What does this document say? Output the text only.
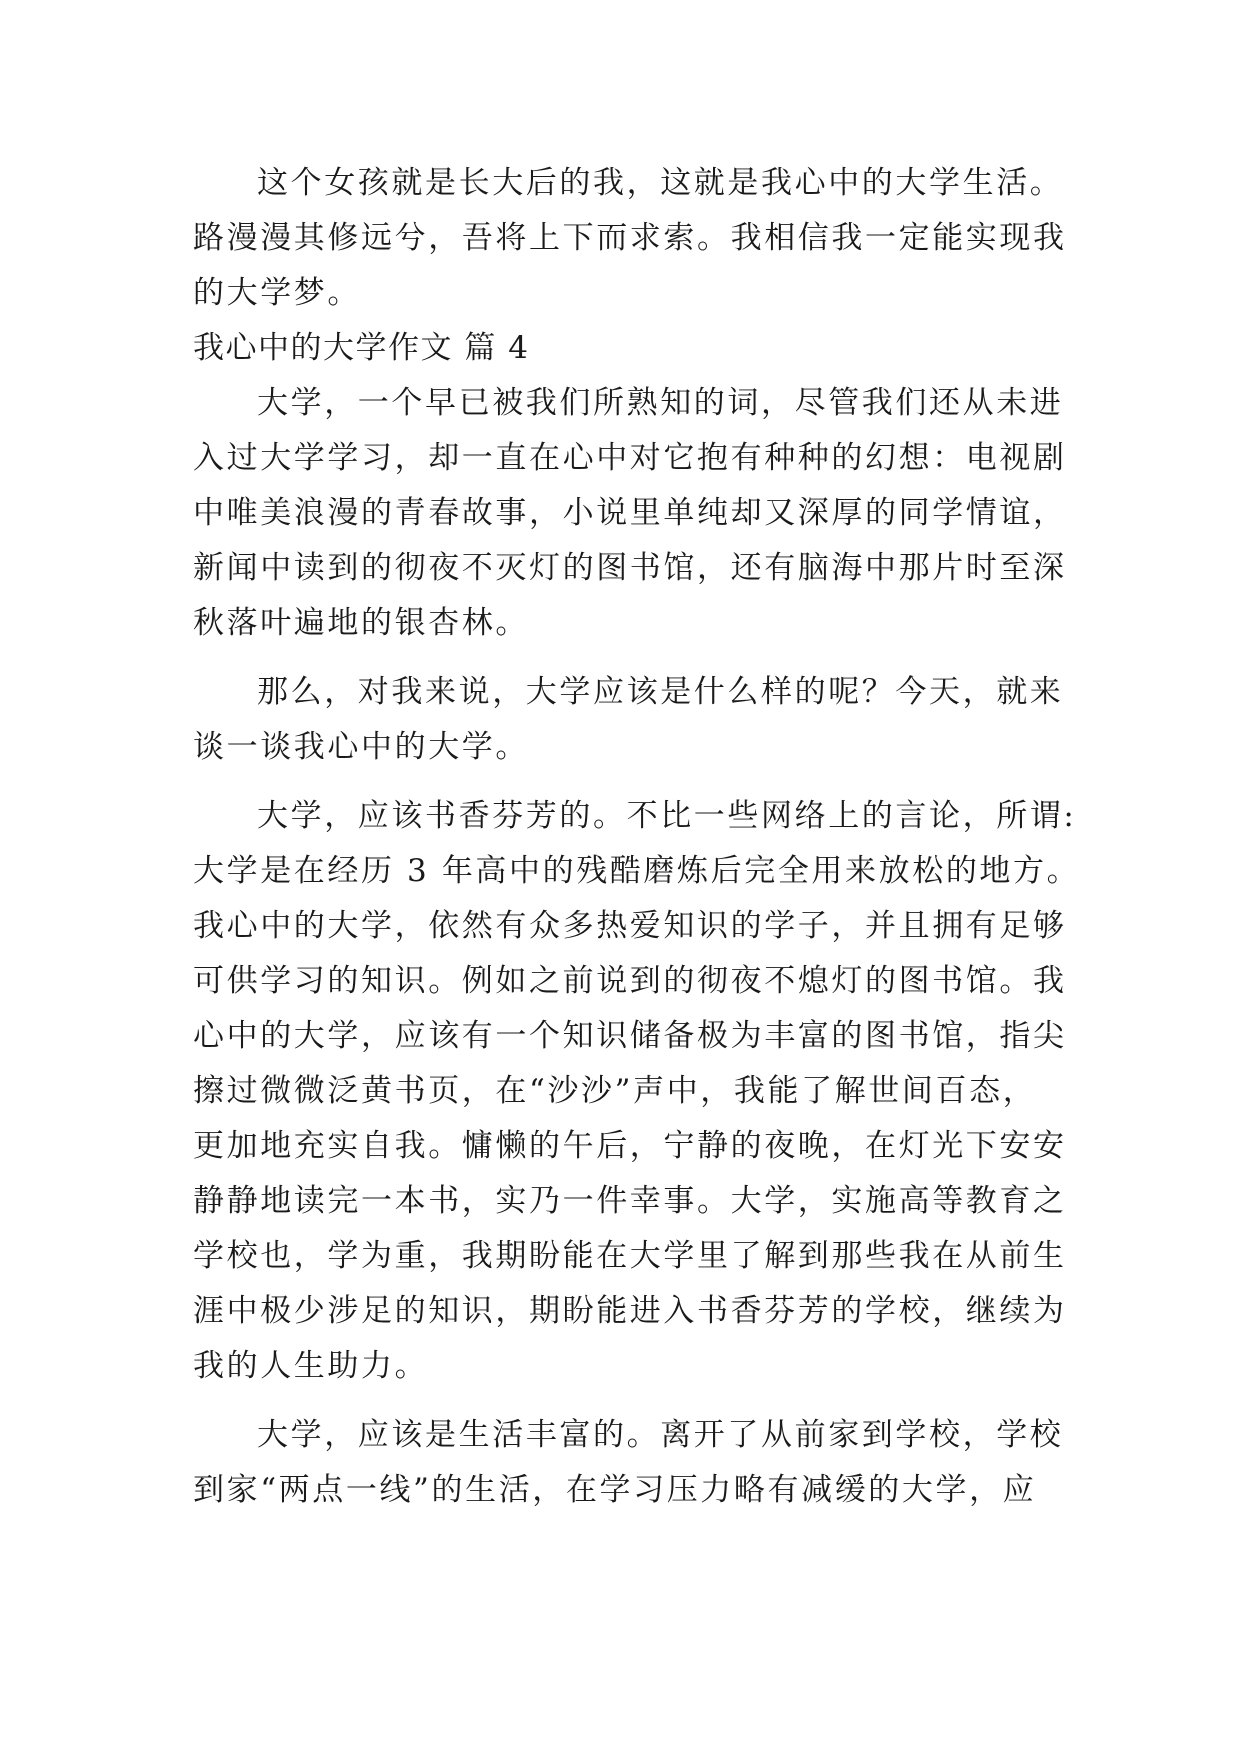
这个女孩就是长大后的我，这就是我心中的大学生活。
路漫漫其修远兮，吾将上下而求索。我相信我一定能实现我
的大学梦。
我心中的大学作文 篇 4
大学，一个早已被我们所熟知的词，尽管我们还从未进
入过大学学习，却一直在心中对它抱有种种的幻想：电视剧
中唯美浪漫的青春故事，小说里单纯却又深厚的同学情谊，
新闻中读到的彻夜不灭灯的图书馆，还有脑海中那片时至深
秋落叶遍地的银杏林。
那么，对我来说，大学应该是什么样的呢？今天，就来
谈一谈我心中的大学。
大学，应该书香芬芳的。不比一些网络上的言论，所谓:
大学是在经历 3 年高中的残酷磨炼后完全用来放松的地方。
我心中的大学，依然有众多热爱知识的学子，并且拥有足够
可供学习的知识。例如之前说到的彻夜不熄灯的图书馆。我
心中的大学，应该有一个知识储备极为丰富的图书馆，指尖
擦过微微泛黄书页，在“沙沙”声中，我能了解世间百态，
更加地充实自我。慵懒的午后，宁静的夜晚，在灯光下安安
静静地读完一本书，实乃一件幸事。大学，实施高等教育之
学校也，学为重，我期盼能在大学里了解到那些我在从前生
涯中极少涉足的知识，期盼能进入书香芬芳的学校，继续为
我的人生助力。
大学，应该是生活丰富的。离开了从前家到学校，学校
到家“两点一线”的生活，在学习压力略有减缓的大学，应
